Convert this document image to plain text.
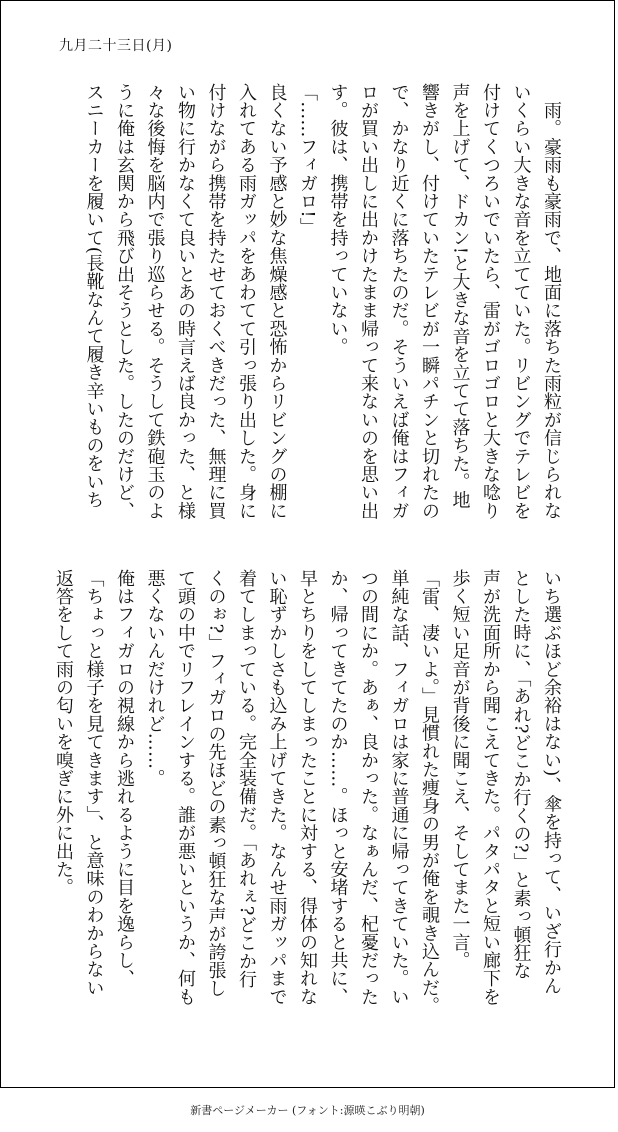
九月二十三日(月)

　雨。豪雨も豪雨で、地面に落ちた雨粒が信じられな

いくらい大きな音を立てていた。リビングでテレビを

付けてくつろいでいたら、雷がゴロゴロと大きな唸り

声を上げて、ドカン!と大きな音を立てて落ちた。地

響きがし、付けていたテレビが一瞬パチンと切れたの

で、かなり近くに落ちたのだ。そういえば俺はフィガ

ロが買い出しに出かけたまま帰って来ないのを思い出

す。彼は、携帯を持っていない。

「……フィガロ!」

良くない予感と妙な焦燥感と恐怖からリビングの棚に

入れてある雨ガッパをあわてて引っ張り出した。身に

付けながら携帯を持たせておくべきだった、無理に買

い物に行かなくて良いとあの時言えば良かった、と様

々な後悔を脳内で張り巡らせる。そうして鉄砲玉のよ

うに俺は玄関から飛び出そうとした。したのだけど、

スニーカーを履いて(長靴なんて履き辛いものをいち

いち選ぶほど余裕はない)、傘を持って、いざ行かん

とした時に、「あれ?どこか行くの?」と素っ頓狂な

声が洗面所から聞こえてきた。パタパタと短い廊下を

歩く短い足音が背後に聞こえ、そしてまた一言。

「雷、凄いよ。」見慣れた痩身の男が俺を覗き込んだ。

単純な話、フィガロは家に普通に帰ってきていた。い

つの間にか。あぁ、良かった。なぁんだ、杞憂だった

か、帰ってきてたのか……。ほっと安堵すると共に、

早とちりをしてしまったことに対する、得体の知れな

い恥ずかしさも込み上げてきた。なんせ雨ガッパまで

着てしまっている。完全装備だ。「あれぇ?どこか行

くのぉ?」フィガロの先ほどの素っ頓狂な声が誇張し

て頭の中でリフレインする。誰が悪いというか、何も

悪くないんだけれど……。

俺はフィガロの視線から逃れるように目を逸らし、

「ちょっと様子を見てきます」、と意味のわからない

返答をして雨の匂いを嗅ぎに外に出た。

新書ページメーカー (フォント:源暎こぶり明朝)
